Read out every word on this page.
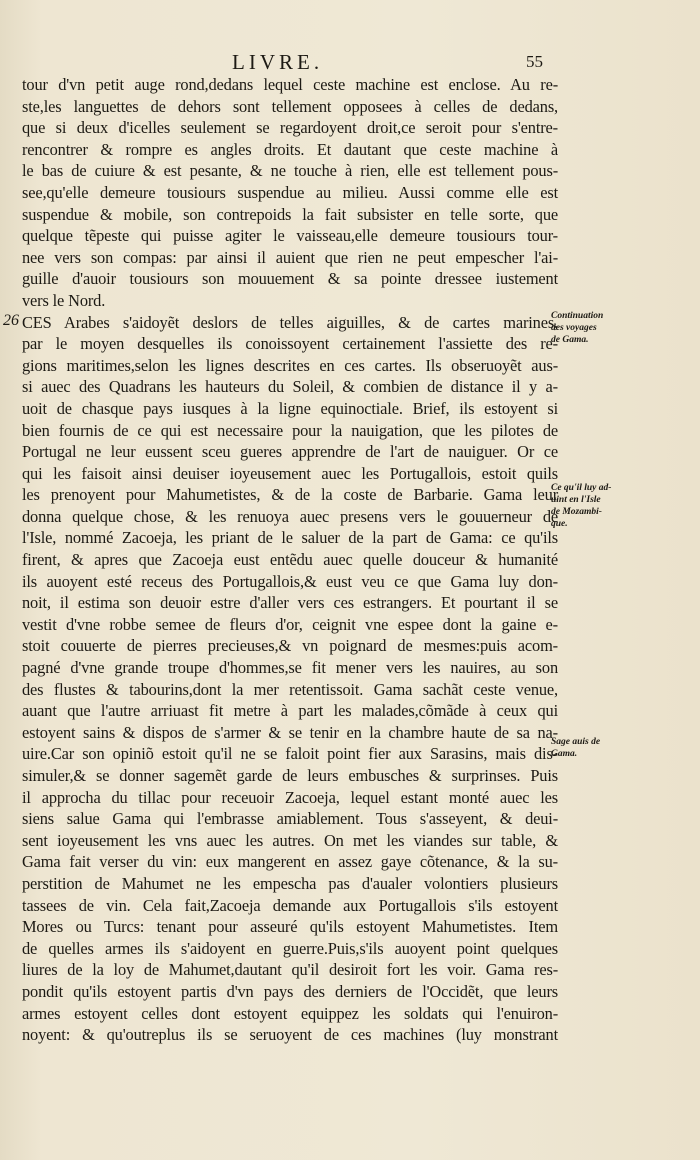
LIVRE.	55
26
tour d'vn petit auge rond,dedans lequel ceste machine est enclose. Au re-
ste,les languettes de dehors sont tellement opposees à celles de dedans,
que si deux d'icelles seulement se regardoyent droit,ce seroit pour s'entre-
rencontrer & rompre es angles droits. Et dautant que ceste machine à
le bas de cuiure & est pesante, & ne touche à rien, elle est tellement pous-
see,qu'elle demeure tousiours suspendue au milieu. Aussi comme elle est
suspendue & mobile, son contrepoids la fait subsister en telle sorte, que
quelque tẽpeste qui puisse agiter le vaisseau,elle demeure tousiours tour-
nee vers son compas: par ainsi il auient que rien ne peut empescher l'ai-
guille d'auoir tousiours son mouuement & sa pointe dressee iustement
vers le Nord.
CES Arabes s'aidoyẽt deslors de telles aiguilles, & de cartes marines,
par le moyen desquelles ils conoissoyent certainement l'assiette des re-
gions maritimes,selon les lignes descrites en ces cartes. Ils obseruoyẽt aus-
si auec des Quadrans les hauteurs du Soleil, & combien de distance il y a-
uoit de chasque pays iusques à la ligne equinoctiale. Brief, ils estoyent si
bien fournis de ce qui est necessaire pour la nauigation, que les pilotes de
Portugal ne leur eussent sceu gueres apprendre de l'art de nauiguer. Or ce
qui les faisoit ainsi deuiser ioyeusement auec les Portugallois, estoit quils
les prenoyent pour Mahumetistes, & de la coste de Barbarie. Gama leur
donna quelque chose, & les renuoya auec presens vers le gouuerneur de
l'Isle, nommé Zacoeja, les priant de le saluer de la part de Gama: ce qu'ils
firent, & apres que Zacoeja eust entẽdu auec quelle douceur & humanité
ils auoyent esté receus des Portugallois,& eust veu ce que Gama luy don-
noit, il estima son deuoir estre d'aller vers ces estrangers. Et pourtant il se
vestit d'vne robbe semee de fleurs d'or, ceignit vne espee dont la gaine e-
stoit couuerte de pierres precieuses,& vn poignard de mesmes:puis acom-
pagné d'vne grande troupe d'hommes,se fit mener vers les nauires, au son
des flustes & tabourins,dont la mer retentissoit. Gama sachãt ceste venue,
auant que l'autre arriuast fit metre à part les malades,cõmãde à ceux qui
estoyent sains & dispos de s'armer & se tenir en la chambre haute de sa na-
uire.Car son opiniõ estoit qu'il ne se faloit point fier aux Sarasins, mais dis-
simuler,& se donner sagemẽt garde de leurs embusches & surprinses. Puis
il approcha du tillac pour receuoir Zacoeja, lequel estant monté auec les
siens salue Gama qui l'embrasse amiablement. Tous s'asseyent, & deui-
sent ioyeusement les vns auec les autres. On met les viandes sur table, &
Gama fait verser du vin: eux mangerent en assez gaye cõtenance, & la su-
perstition de Mahumet ne les empescha pas d'aualer volontiers plusieurs
tassees de vin. Cela fait,Zacoeja demande aux Portugallois s'ils estoyent
Mores ou Turcs: tenant pour asseuré qu'ils estoyent Mahumetistes. Item
de quelles armes ils s'aidoyent en guerre.Puis,s'ils auoyent point quelques
liures de la loy de Mahumet,dautant qu'il desiroit fort les voir. Gama res-
pondit qu'ils estoyent partis d'vn pays des derniers de l'Occidẽt, que leurs
armes estoyent celles dont estoyent equippez les soldats qui l'enuiron-
noyent: & qu'outreplus ils se seruoyent de ces machines (luy monstrant
Continuation
des voyages
de Gama.
Ce qu'il luy ad-
uint en l'Isle
de Mozambi-
que.
Sage auis de
Gama.
